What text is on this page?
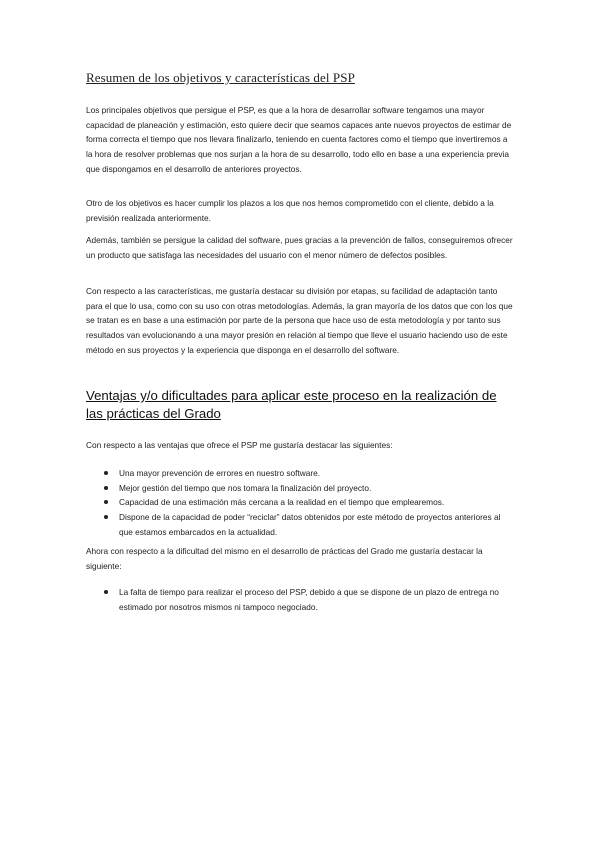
Resumen de los objetivos y características del PSP

Los principales objetivos que persigue el PSP, es que a la hora de desarrollar software tengamos una mayor capacidad de planeación y estimación, esto quiere decir que seamos capaces ante nuevos proyectos de estimar de forma correcta el tiempo que nos llevara finalizarlo, teniendo en cuenta factores como el tiempo que invertiremos a la hora de resolver problemas que nos surjan a la hora de su desarrollo, todo ello en base a una experiencia previa que dispongamos en el desarrollo de anteriores proyectos.

Otro de los objetivos es hacer cumplir los plazos a los que nos hemos comprometido con el cliente, debido a la previsión realizada anteriormente.

Además, también se persigue la calidad del software, pues gracias a la prevención de fallos, conseguiremos ofrecer un producto que satisfaga las necesidades del usuario con el menor número de defectos posibles.

Con respecto a las características, me gustaría destacar su división por etapas, su facilidad de adaptación tanto para el que lo usa, como con su uso con otras metodologías. Además, la gran mayoría de los datos que con los que se tratan es en base a una estimación por parte de la persona que hace uso de esta metodología y por tanto sus resultados van evolucionando a una mayor presión en relación al tiempo que lleve el usuario haciendo uso de este método en sus proyectos y la experiencia que disponga en el desarrollo del software.

Ventajas y/o dificultades para aplicar este proceso en la realización de las prácticas del Grado

Con respecto a las ventajas que ofrece el PSP me gustaría destacar las siguientes:

Una mayor prevención de errores en nuestro software.
Mejor gestión del tiempo que nos tomara la finalización del proyecto.
Capacidad de una estimación más cercana a la realidad en el tiempo que emplearemos.
Dispone de la capacidad de poder “reciclar” datos obtenidos por este método de proyectos anteriores al que estamos embarcados en la actualidad.

Ahora con respecto a la dificultad del mismo en el desarrollo de prácticas del Grado me gustaría destacar la siguiente:

La falta de tiempo para realizar el proceso del PSP, debido a que se dispone de un plazo de entrega no estimado por nosotros mismos ni tampoco negociado.
